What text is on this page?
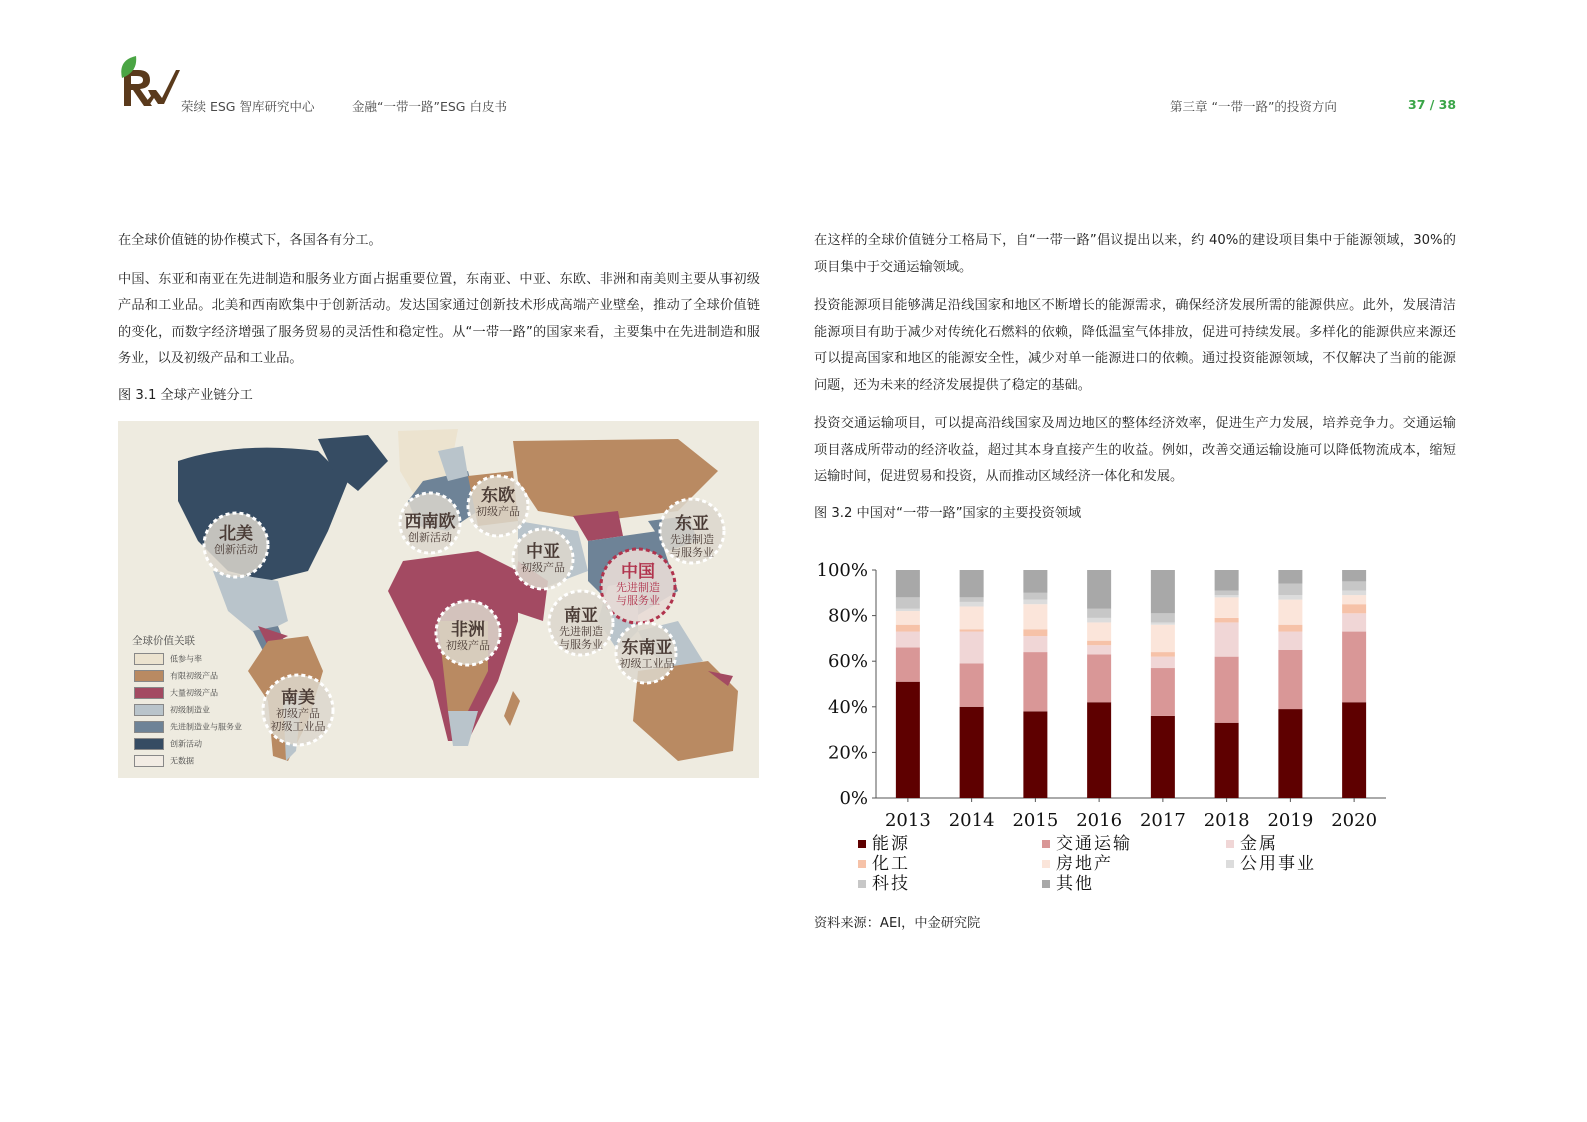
荣续 ESG 智库研究中心	金融“一带一路”ESG 白皮书	第三章 “一带一路”的投资方向	37 / 38

在全球价值链的协作模式下，各国各有分工。

中国、东亚和南亚在先进制造和服务业方面占据重要位置，东南亚、中亚、东欧、非洲和南美则主要从事初级产品和工业品。北美和西南欧集中于创新活动。发达国家通过创新技术形成高端产业壁垒，推动了全球价值链的变化，而数字经济增强了服务贸易的灵活性和稳定性。从“一带一路”的国家来看，主要集中在先进制造和服务业，以及初级产品和工业品。

图 3.1 全球产业链分工

北美
创新活动
西南欧
创新活动
东欧
初级产品
中亚
初级产品	中国
先进制造
与服务业
东亚
先进制造
与服务业
南亚
先进制造
与服务业	东南亚
初级工业品
非洲
初级产品
南美
初级产品
初级工业品
全球价值关联
低参与率
有限初级产品
大量初级产品
初级制造业
先进制造业与服务业
创新活动
无数据

在这样的全球价值链分工格局下，自“一带一路”倡议提出以来，约 40%的建设项目集中于能源领域，30%的项目集中于交通运输领域。

投资能源项目能够满足沿线国家和地区不断增长的能源需求，确保经济发展所需的能源供应。此外，发展清洁能源项目有助于减少对传统化石燃料的依赖，降低温室气体排放，促进可持续发展。多样化的能源供应来源还可以提高国家和地区的能源安全性，减少对单一能源进口的依赖。通过投资能源领域，不仅解决了当前的能源问题，还为未来的经济发展提供了稳定的基础。

投资交通运输项目，可以提高沿线国家及周边地区的整体经济效率，促进生产力发展，培养竞争力。交通运输项目落成所带动的经济收益，超过其本身直接产生的收益。例如，改善交通运输设施可以降低物流成本，缩短运输时间，促进贸易和投资，从而推动区域经济一体化和发展。

图 3.2 中国对“一带一路”国家的主要投资领域

0%
20%
40%
60%
80%
100%
2013 2014 2015 2016 2017 2018 2019 2020
能源	交通运输	金属
化工	房地产	公用事业
科技	其他
资料来源：AEI，中金研究院
